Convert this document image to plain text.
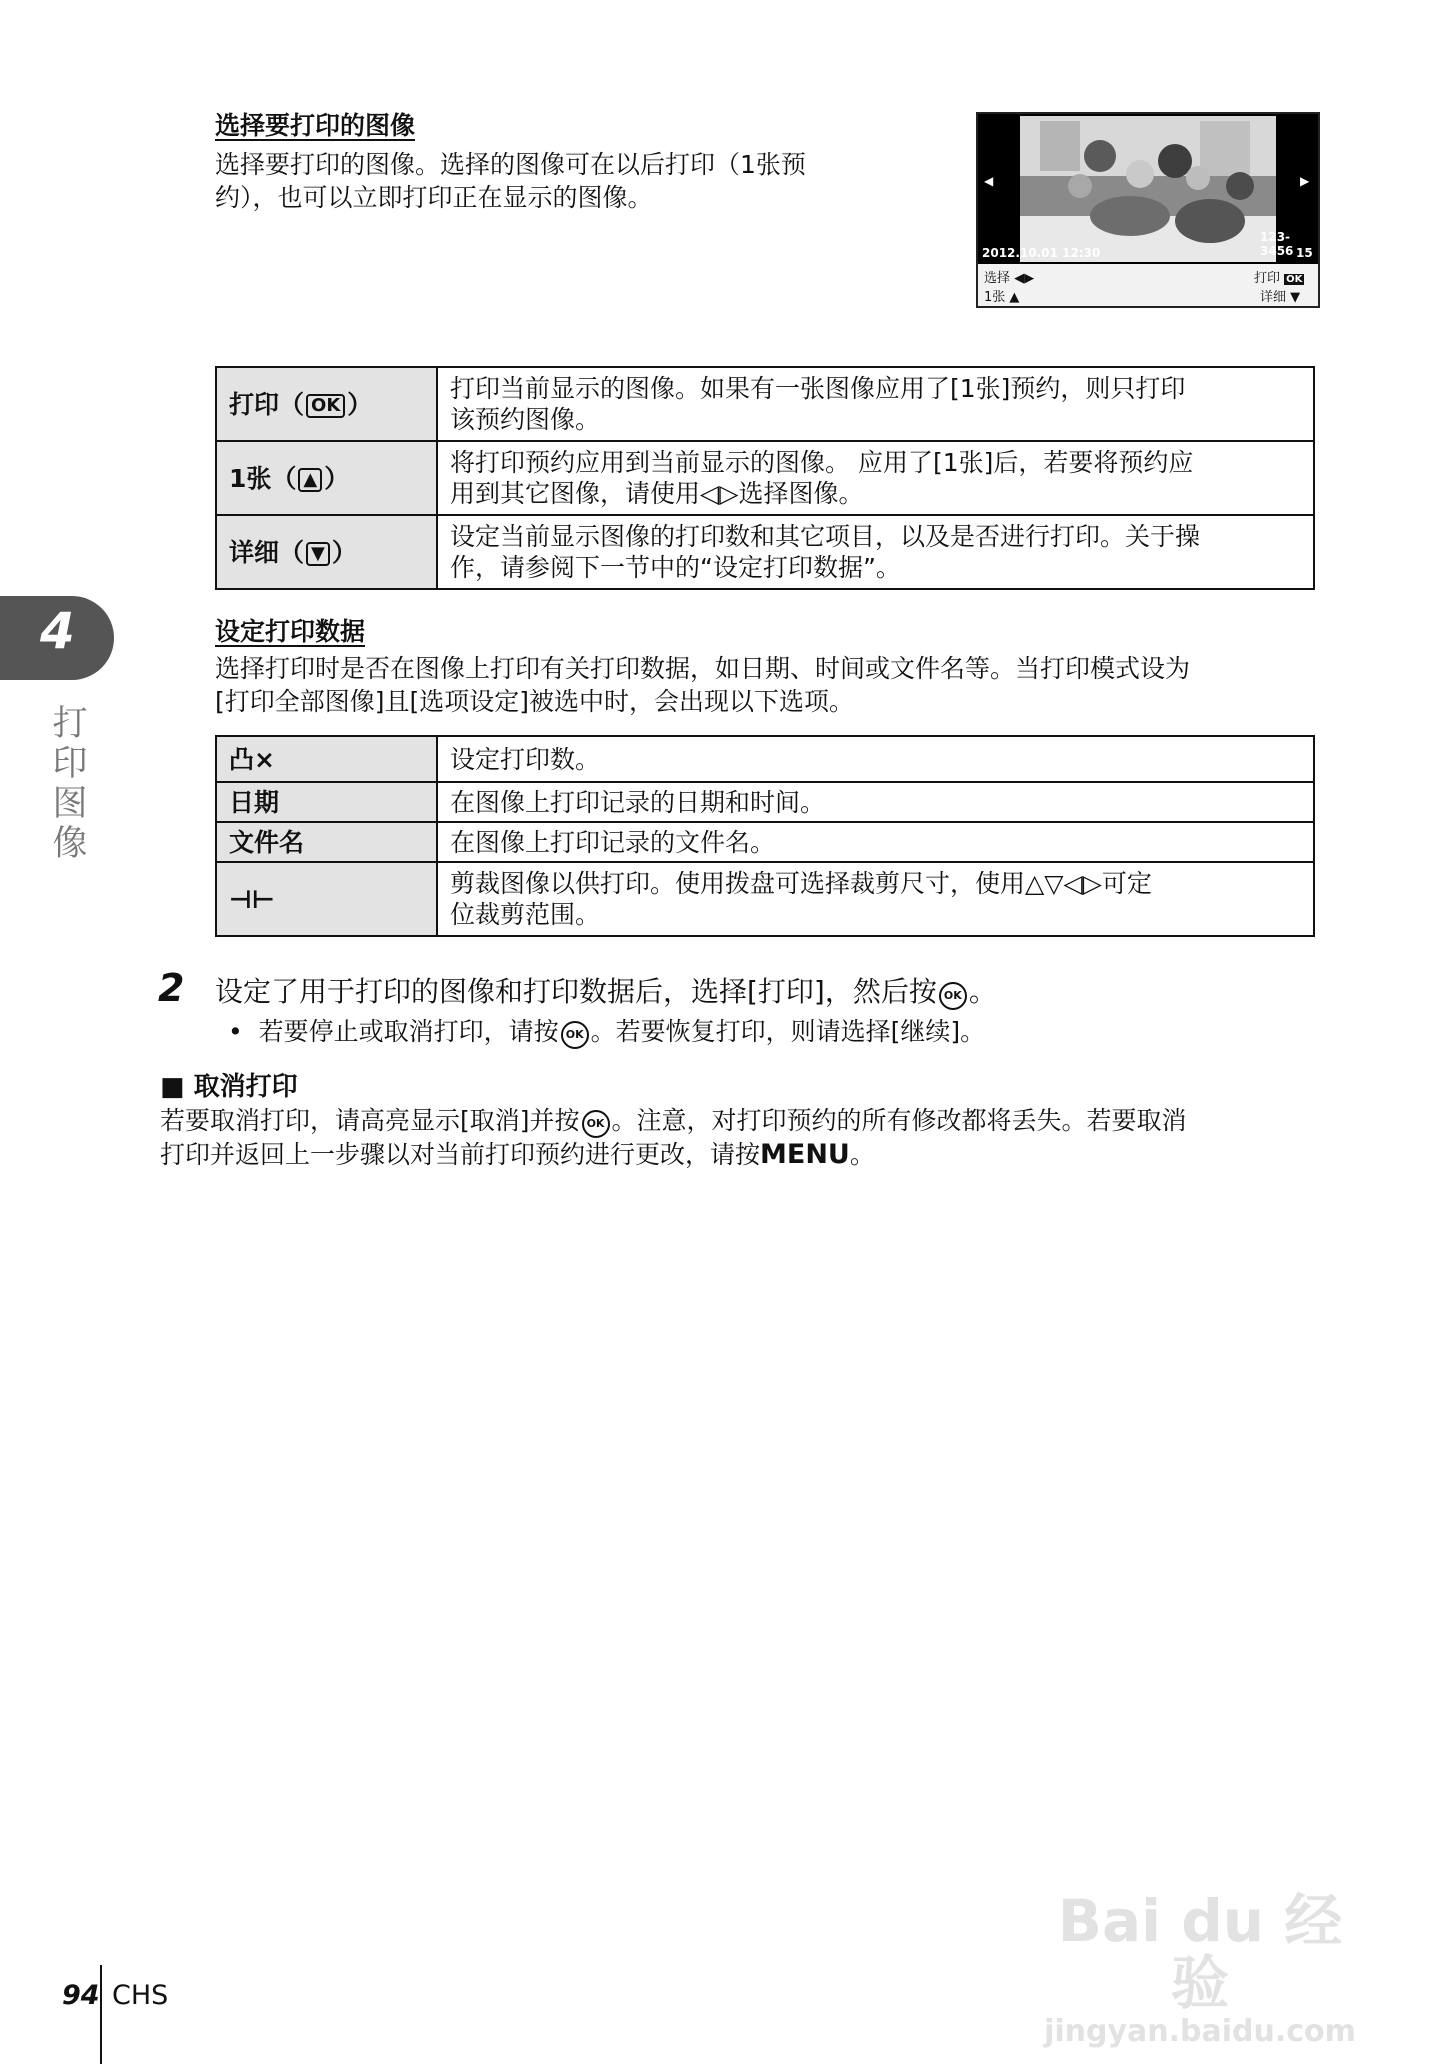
选择要打印的图像
选择要打印的图像。选择的图像可在以后打印（1张预
约），也可以立即打印正在显示的图像。
◀	▶
2012.10.01 12:30
123-3456 15
选择 ◀▶
1张 ▲
打印 OK
详细 ▼
打印（ OK ）	打印当前显示的图像。如果有一张图像应用了[1张]预约，则只打印
该预约图像。

1张（ ▲ ）	将打印预约应用到当前显示的图像。 应用了[1张]后，若要将预约应
用到其它图像，请使用◁▷选择图像。

详细（ ▼ ）	设定当前显示图像的打印数和其它项目，以及是否进行打印。关于操
作，请参阅下一节中的“设定打印数据”。
4
打印图像
设定打印数据
选择打印时是否在图像上打印有关打印数据，如日期、时间或文件名等。当打印模式设为
[打印全部图像]且[选项设定]被选中时，会出现以下选项。
凸×	设定打印数。
日期	在图像上打印记录的日期和时间。
文件名	在图像上打印记录的文件名。
⊣⊢	剪裁图像以供打印。使用拨盘可选择裁剪尺寸，使用△▽◁▷可定
位裁剪范围。
2 设定了用于打印的图像和打印数据后，选择[打印]，然后按 OK 。
• 若要停止或取消打印，请按 OK 。若要恢复打印，则请选择[继续]。
■ 取消打印
若要取消打印，请高亮显示[取消]并按 OK 。注意，对打印预约的所有修改都将丢失。若要取消
打印并返回上一步骤以对当前打印预约进行更改，请按MENU。
Bai du 经验
jingyan.baidu.com
94 CHS
